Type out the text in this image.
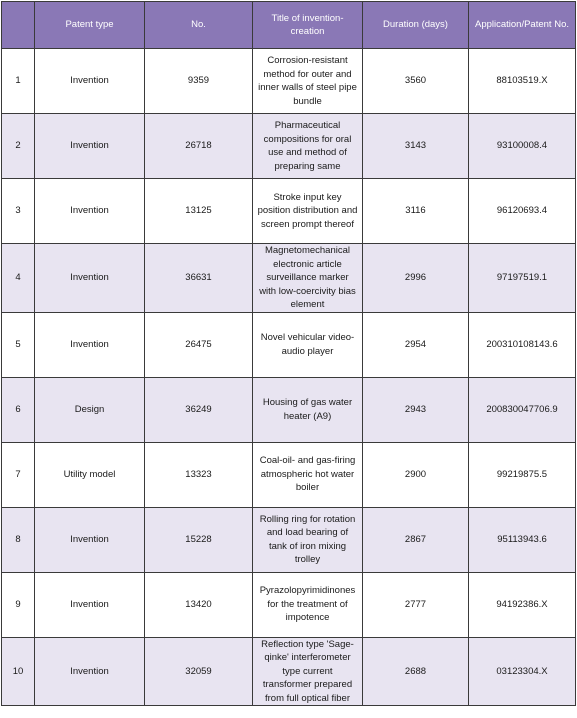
	Patent type	No.	Title of invention-creation	Duration (days)	Application/Patent No.
1	Invention	9359	Corrosion-resistant method for outer and inner walls of steel pipe bundle	3560	88103519.X
2	Invention	26718	Pharmaceutical compositions for oral use and method of preparing same	3143	93100008.4
3	Invention	13125	Stroke input key position distribution and screen prompt thereof	3116	96120693.4
4	Invention	36631	Magnetomechanical electronic article surveillance marker with low-coercivity bias element	2996	97197519.1
5	Invention	26475	Novel vehicular video-audio player	2954	200310108143.6
6	Design	36249	Housing of gas water heater (A9)	2943	200830047706.9
7	Utility model	13323	Coal-oil- and gas-firing atmospheric hot water boiler	2900	99219875.5
8	Invention	15228	Rolling ring for rotation and load bearing of tank of iron mixing trolley	2867	95113943.6
9	Invention	13420	Pyrazolopyrimidinones for the treatment of impotence	2777	94192386.X
10	Invention	32059	Reflection type 'Sage-qinke' interferometer type current transformer prepared from full optical fiber	2688	03123304.X
